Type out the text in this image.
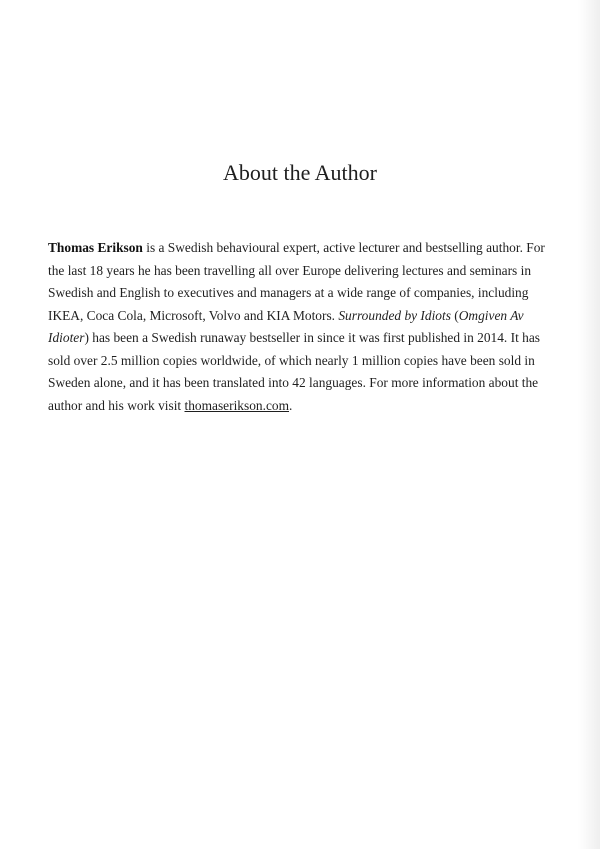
About the Author

Thomas Erikson is a Swedish behavioural expert, active lecturer and bestselling author. For the last 18 years he has been travelling all over Europe delivering lectures and seminars in Swedish and English to executives and managers at a wide range of companies, including IKEA, Coca Cola, Microsoft, Volvo and KIA Motors. Surrounded by Idiots (Omgiven Av Idioter) has been a Swedish runaway bestseller in since it was first published in 2014. It has sold over 2.5 million copies worldwide, of which nearly 1 million copies have been sold in Sweden alone, and it has been translated into 42 languages. For more information about the author and his work visit thomaserikson.com.
